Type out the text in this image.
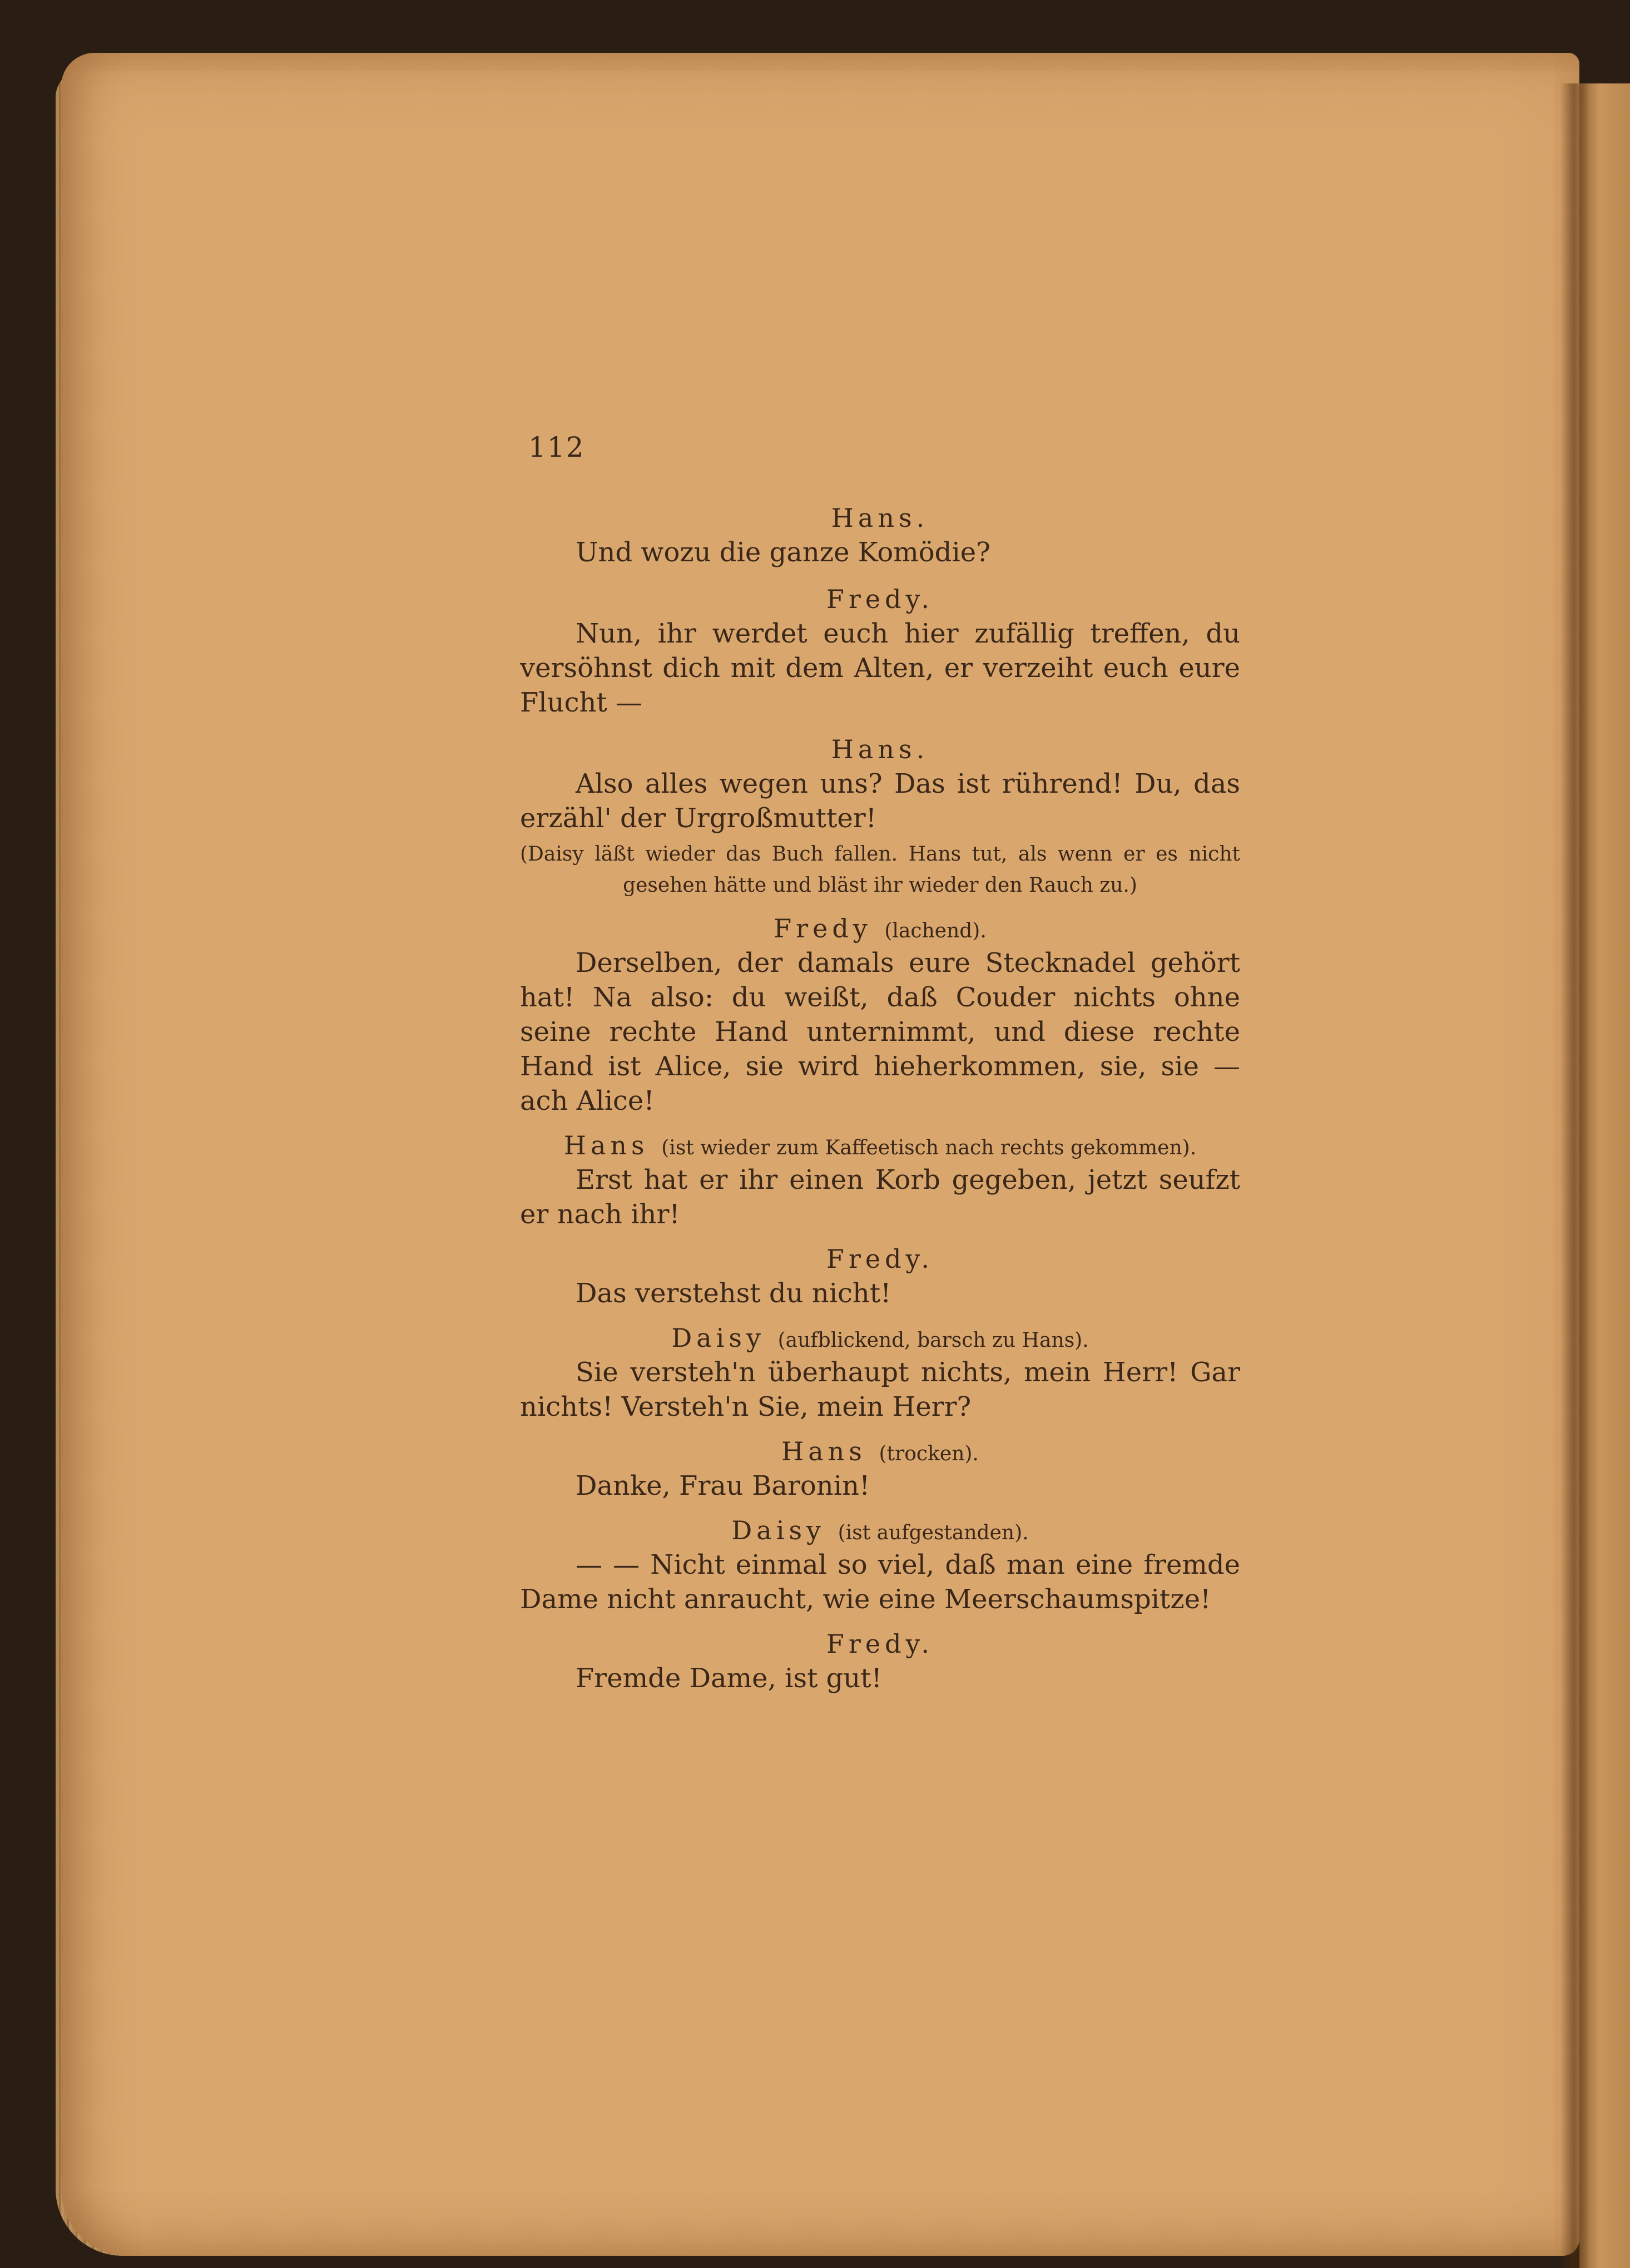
112
Hans.

Und wozu die ganze Komödie?

Fredy.

Nun, ihr werdet euch hier zufällig treffen, du versöhnst dich mit dem Alten, er verzeiht euch eure Flucht —

Hans.

Also alles wegen uns? Das ist rührend! Du, das erzähl' der Urgroßmutter!

(Daisy läßt wieder das Buch fallen. Hans tut, als wenn er es nicht gesehen hätte und bläst ihr wieder den Rauch zu.)

Fredy (lachend).

Derselben, der damals eure Stecknadel gehört hat! Na also: du weißt, daß Couder nichts ohne seine rechte Hand unternimmt, und diese rechte Hand ist Alice, sie wird hieherkommen, sie, sie — ach Alice!

Hans (ist wieder zum Kaffeetisch nach rechts gekommen).

Erst hat er ihr einen Korb gegeben, jetzt seufzt er nach ihr!

Fredy.

Das verstehst du nicht!

Daisy (aufblickend, barsch zu Hans).

Sie versteh'n überhaupt nichts, mein Herr! Gar nichts! Versteh'n Sie, mein Herr?

Hans (trocken).

Danke, Frau Baronin!

Daisy (ist aufgestanden).

— — Nicht einmal so viel, daß man eine fremde Dame nicht anraucht, wie eine Meerschaumspitze!

Fredy.

Fremde Dame, ist gut!
